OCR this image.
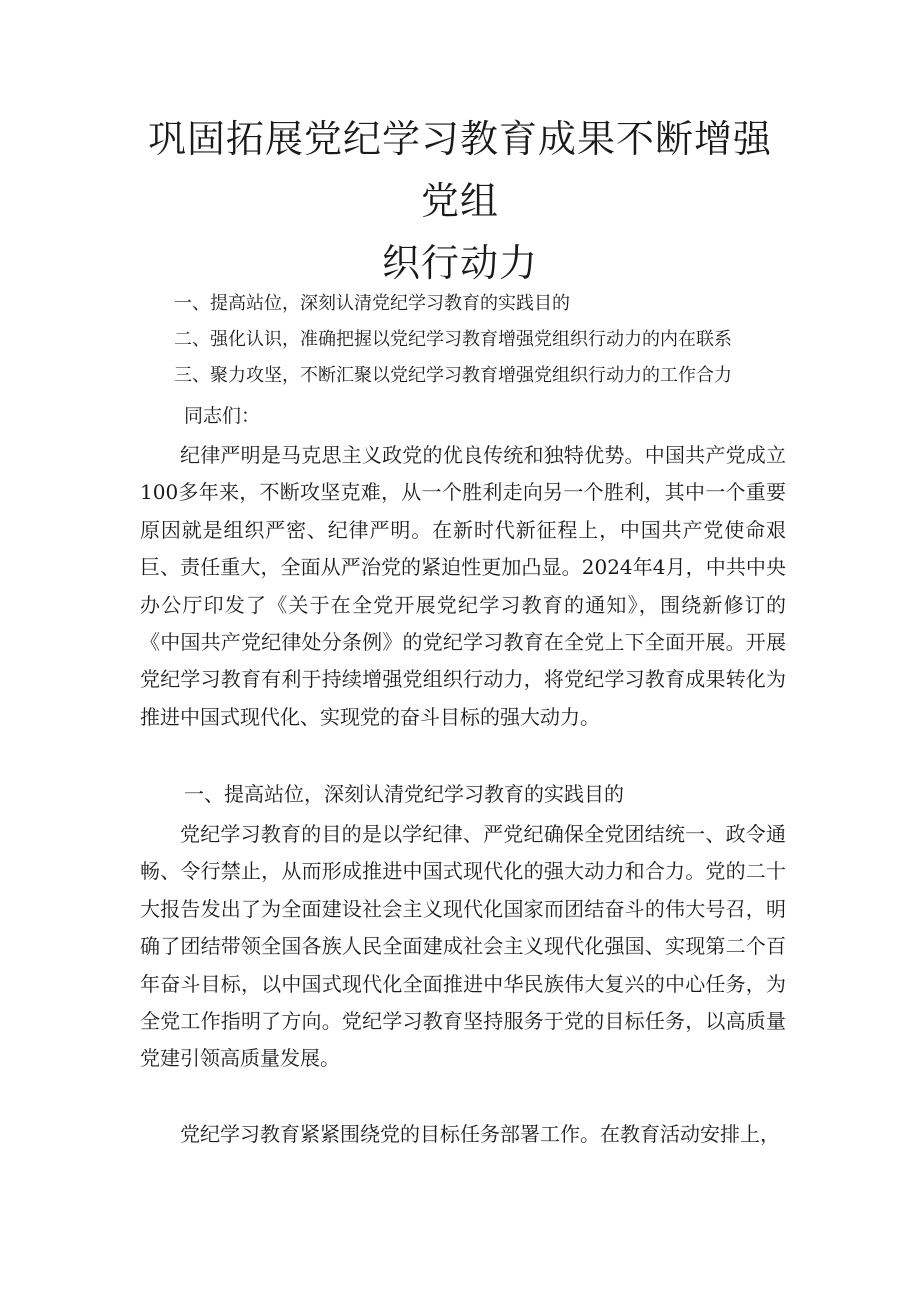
巩固拓展党纪学习教育成果不断增强党组
织行动力
一、提高站位，深刻认清党纪学习教育的实践目的
二、强化认识，准确把握以党纪学习教育增强党组织行动力的内在联系
三、聚力攻坚，不断汇聚以党纪学习教育增强党组织行动力的工作合力

同志们：

纪律严明是马克思主义政党的优良传统和独特优势。中国共产党成立100多年来，不断攻坚克难，从一个胜利走向另一个胜利，其中一个重要原因就是组织严密、纪律严明。在新时代新征程上，中国共产党使命艰巨、责任重大，全面从严治党的紧迫性更加凸显。2024年4月，中共中央办公厅印发了《关于在全党开展党纪学习教育的通知》，围绕新修订的《中国共产党纪律处分条例》的党纪学习教育在全党上下全面开展。开展党纪学习教育有利于持续增强党组织行动力，将党纪学习教育成果转化为推进中国式现代化、实现党的奋斗目标的强大动力。

一、提高站位，深刻认清党纪学习教育的实践目的

党纪学习教育的目的是以学纪律、严党纪确保全党团结统一、政令通畅、令行禁止，从而形成推进中国式现代化的强大动力和合力。党的二十大报告发出了为全面建设社会主义现代化国家而团结奋斗的伟大号召，明确了团结带领全国各族人民全面建成社会主义现代化强国、实现第二个百年奋斗目标，以中国式现代化全面推进中华民族伟大复兴的中心任务，为全党工作指明了方向。党纪学习教育坚持服务于党的目标任务，以高质量党建引领高质量发展。

党纪学习教育紧紧围绕党的目标任务部署工作。在教育活动安排上，
